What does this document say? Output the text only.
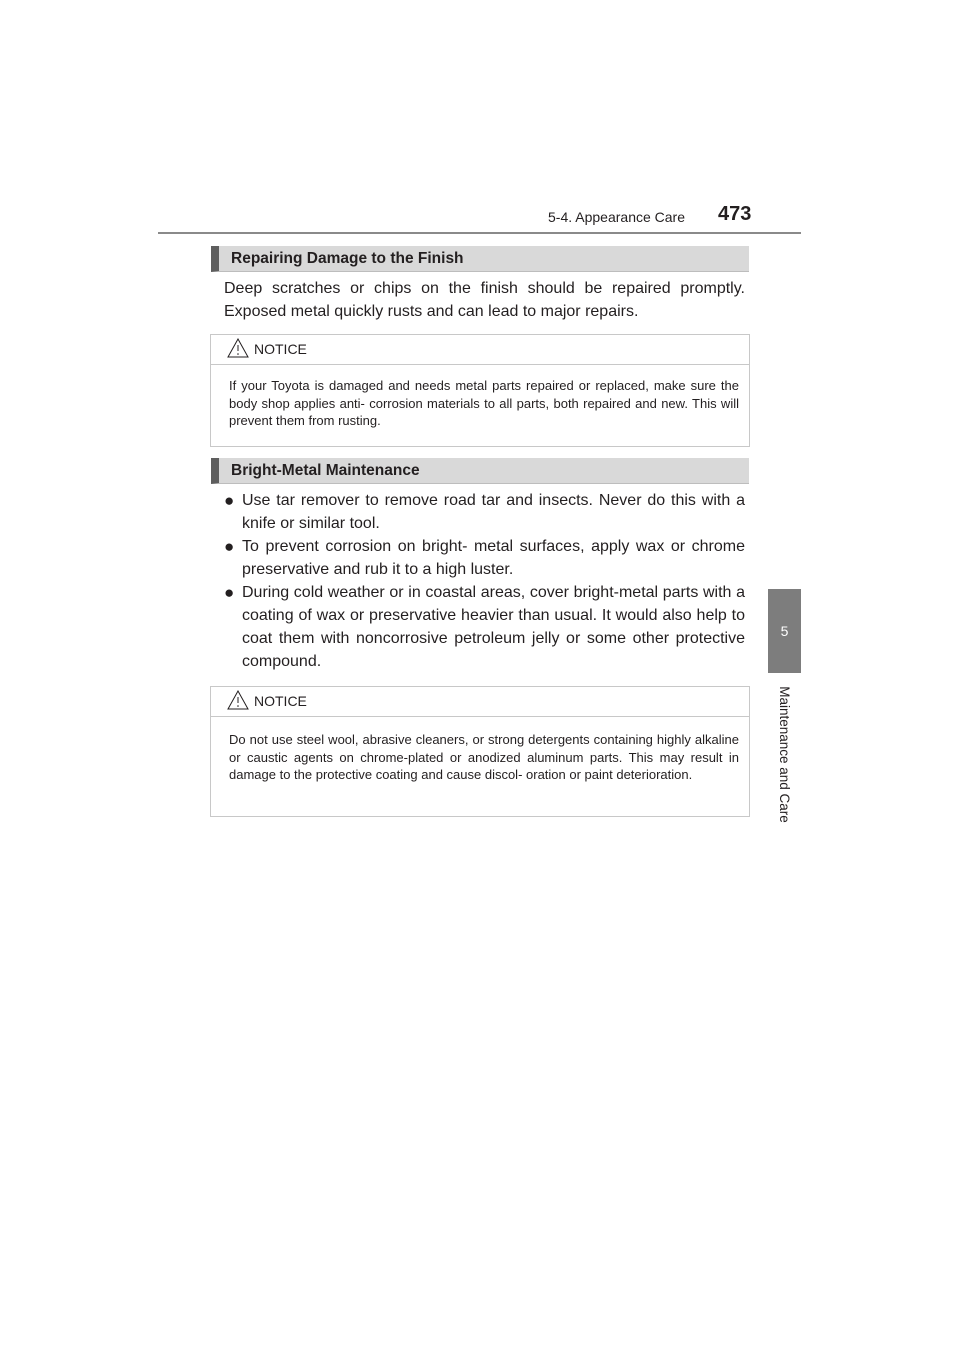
5-4. Appearance Care 473
5
Maintenance and Care
Repairing Damage to the Finish
Deep scratches or chips on the finish should be repaired promptly. Exposed metal quickly rusts and can lead to major repairs.
NOTICE
If your Toyota is damaged and needs metal parts repaired or replaced, make sure the body shop applies anti- corrosion materials to all parts, both repaired and new. This will prevent them from rusting.
Bright-Metal Maintenance
● Use tar remover to remove road tar and insects. Never do this with a knife or similar tool.
● To prevent corrosion on bright- metal surfaces, apply wax or chrome preservative and rub it to a high luster.
● During cold weather or in coastal areas, cover bright-metal parts with a coating of wax or preservative heavier than usual. It would also help to coat them with noncorrosive petroleum jelly or some other protective compound.
NOTICE
Do not use steel wool, abrasive cleaners, or strong detergents containing highly alkaline or caustic agents on chrome-plated or anodized aluminum parts. This may result in damage to the protective coating and cause discol- oration or paint deterioration.
